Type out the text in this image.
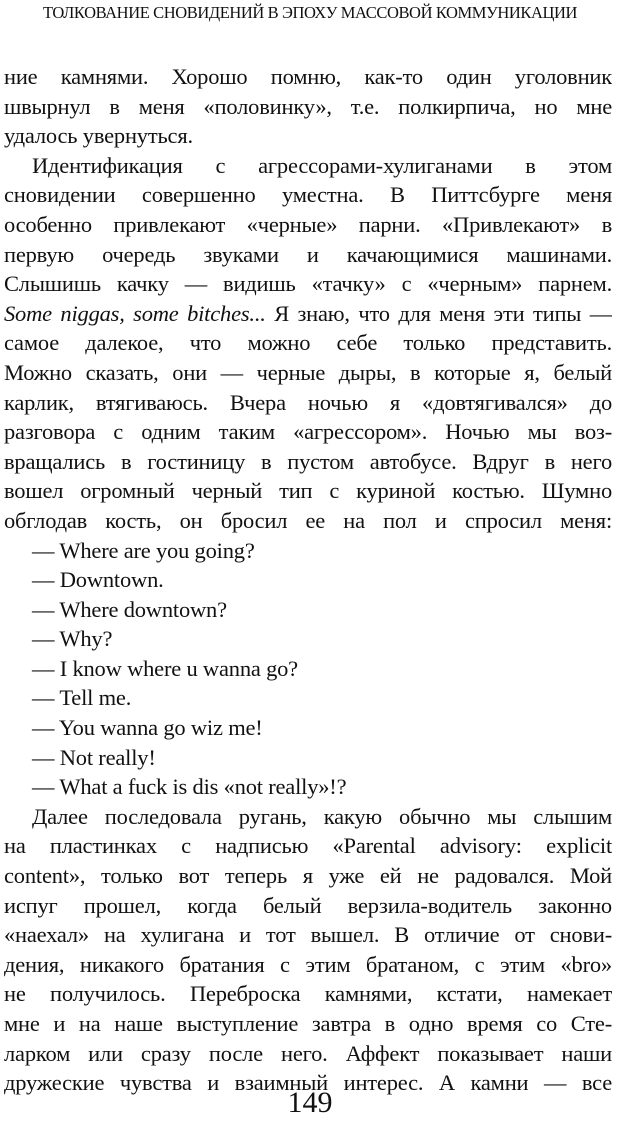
ТОЛКОВАНИЕ СНОВИДЕНИЙ В ЭПОХУ МАССОВОЙ КОММУНИКАЦИИ
ние камнями. Хорошо помню, как-то один уголовник
швырнул в меня «половинку», т.е. полкирпича, но мне
удалось увернуться.
Идентификация с агрессорами-хулиганами в этом
сновидении совершенно уместна. В Питтсбурге меня
особенно привлекают «черные» парни. «Привлекают» в
первую очередь звуками и качающимися машинами.
Слышишь качку — видишь «тачку» с «черным» парнем.
Some niggas, some bitches... Я знаю, что для меня эти типы —
самое далекое, что можно себе только представить.
Можно сказать, они — черные дыры, в которые я, белый
карлик, втягиваюсь. Вчера ночью я «довтягивался» до
разговора с одним таким «агрессором». Ночью мы воз-
вращались в гостиницу в пустом автобусе. Вдруг в него
вошел огромный черный тип с куриной костью. Шумно
обглодав кость, он бросил ее на пол и спросил меня:
— Where are you going?
— Downtown.
— Where downtown?
— Why?
— I know where u wanna go?
— Tell me.
— You wanna go wiz me!
— Not really!
— What a fuck is dis «not really»!?
Далее последовала ругань, какую обычно мы слышим
на пластинках с надписью «Parental advisory: explicit
content», только вот теперь я уже ей не радовался. Мой
испуг прошел, когда белый верзила-водитель законно
«наехал» на хулигана и тот вышел. В отличие от снови-
дения, никакого братания с этим братаном, с этим «bro»
не получилось. Переброска камнями, кстати, намекает
мне и на наше выступление завтра в одно время со Сте-
ларком или сразу после него. Аффект показывает наши
дружеские чувства и взаимный интерес. А камни — все
149
